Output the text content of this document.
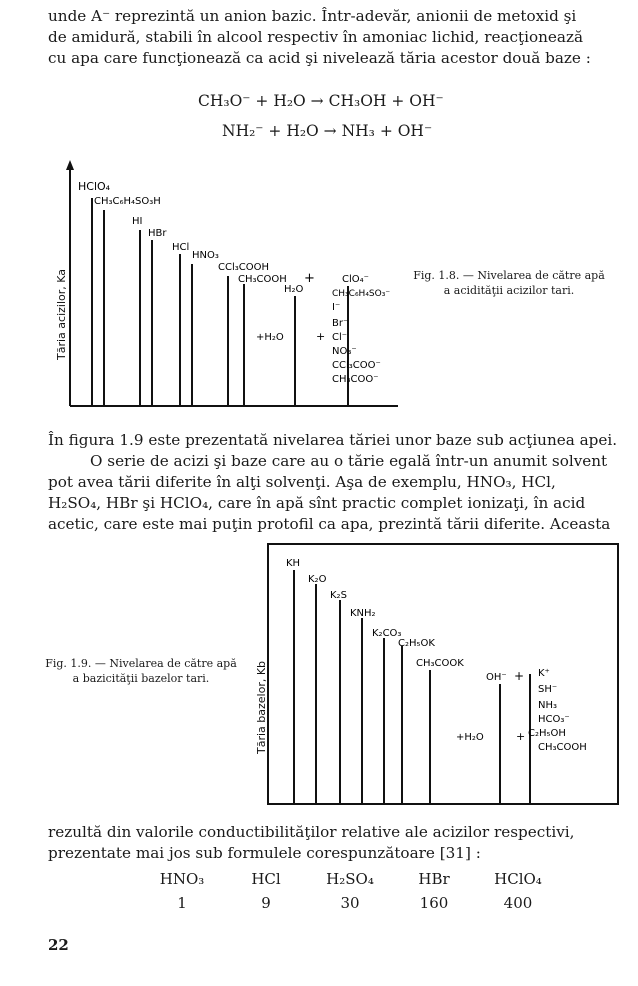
unde A⁻ reprezintă un anion bazic. Într-adevăr, anionii de metoxid şi
de amidură, stabili în alcool respectiv în amoniac lichid, reacţionează
cu apa care funcţionează ca acid şi nivelează tăria acestor două baze :
CH₃O⁻ + H₂O → CH₃OH + OH⁻
NH₂⁻ + H₂O → NH₃ + OH⁻
Tăria acizilor, Ka
HClO₄
CH₃C₆H₄SO₃H
HI
HBr
HCl
HNO₃
CCl₃COOH
CH₃COOH +
H₂O
+H₂O	+
ClO₄⁻
CH₃C₆H₄SO₃⁻
I⁻
Br⁻
Cl⁻
NO₃⁻
CCl₃COO⁻
CH₃COO⁻
Fig. 1.8. — Nivelarea de către apă
a acidităţii acizilor tari.
În figura 1.9 este prezentată nivelarea tăriei unor baze sub acţiunea apei.
O serie de acizi şi baze care au o tărie egală într-un anumit solvent
pot avea tării diferite în alţi solvenţi. Aşa de exemplu, HNO₃, HCl,
H₂SO₄, HBr şi HClO₄, care în apă sînt practic complet ionizaţi, în acid
acetic, care este mai puţin protofil ca apa, prezintă tării diferite. Aceasta
Tăria bazelor, Kb
KH
K₂O
K₂S
KNH₂
K₂CO₃
C₂H₅OK
CH₃COOK
OH⁻ +
+H₂O	+
K⁺
SH⁻
NH₃
HCO₃⁻
C₂H₅OH
CH₃COOH
Fig. 1.9. — Nivelarea de către apă
a bazicităţii bazelor tari.
rezultă din valorile conductibilităţilor relative ale acizilor respectivi,
prezentate mai jos sub formulele corespunzătoare [31] :
HNO₃	HCl	H₂SO₄	HBr	HClO₄
1	9	30	160	400
22
